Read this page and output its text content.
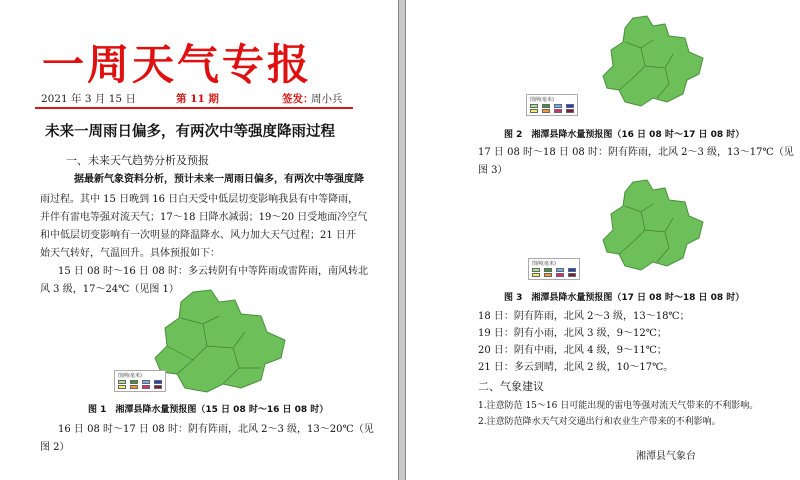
一周天气专报
2021 年 3 月 15 日	第 11 期	签发：
周小兵
未来一周雨日偏多，有两次中等强度降雨过程
一、未来天气趋势分析及预报
据最新气象资料分析，预计未来一周雨日偏多，有两次中等强度降
雨过程。其中 15 日晚到 16 日白天受中低层切变影响我县有中等降雨，
并伴有雷电等强对流天气；17～18 日降水减弱；19～20 日受地面冷空气
和中低层切变影响有一次明显的降温降水、风力加大天气过程；21 日开
始天气转好，气温回升。具体预报如下：
15 日 08 时～16 日 08 时：多云转阴有中等阵雨或雷阵雨，南风转北
风 3 级，17～24℃（见图 1）
图例(毫米)
图 1　湘潭县降水量预报图（15 日 08 时～16 日 08 时）
16 日 08 时～17 日 08 时：阴有阵雨，北风 2～3 级，13～20℃（见
图 2）
图例(毫米)
图 2　湘潭县降水量预报图（16 日 08 时～17 日 08 时）
17 日 08 时～18 日 08 时：阴有阵雨，北风 2～3 级，13～17℃（见
图 3）
图例(毫米)
图 3　湘潭县降水量预报图（17 日 08 时～18 日 08 时）
18 日：阴有阵雨，北风 2～3 级，13～18℃；
19 日：阴有小雨，北风 3 级，9～12℃；
20 日：阴有中雨，北风 4 级，9～11℃；
21 日：多云到晴，北风 2 级，10～17℃。
二、气象建议
1.注意防范 15～16 日可能出现的雷电等强对流天气带来的不利影响。
2.注意防范降水天气对交通出行和农业生产带来的不利影响。
湘潭县气象台
